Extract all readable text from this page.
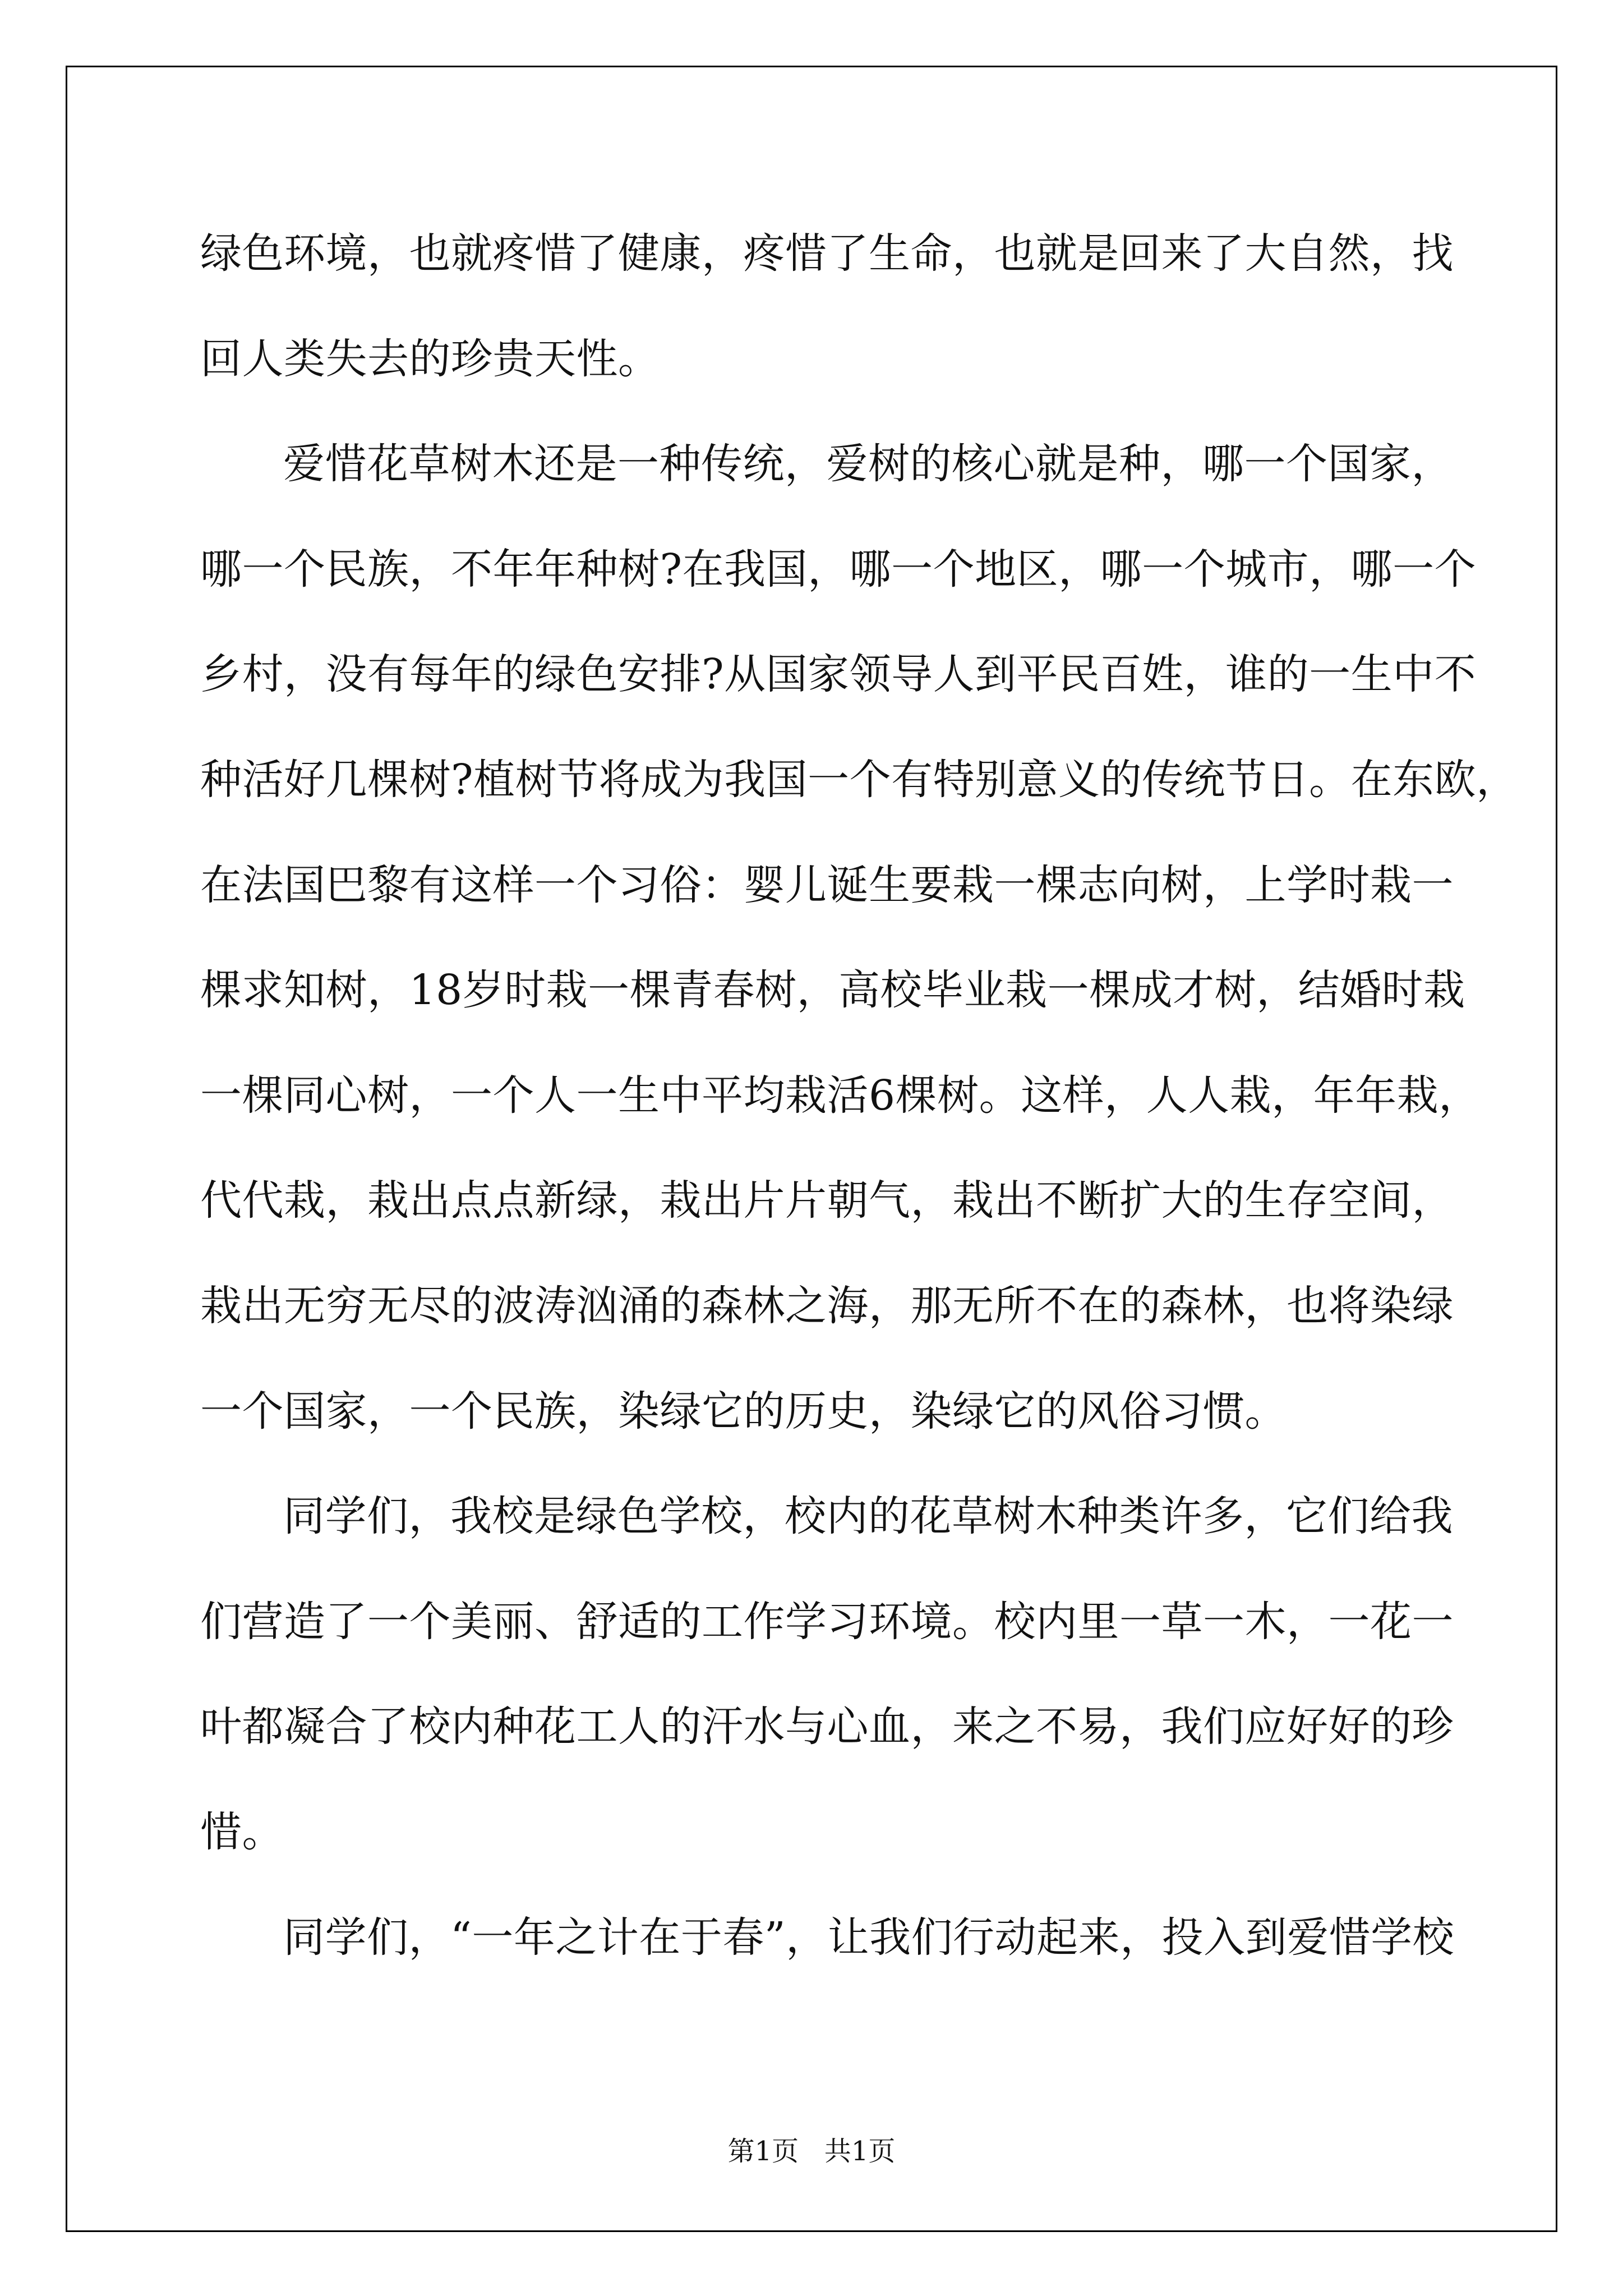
绿色环境，也就疼惜了健康，疼惜了生命，也就是回来了大自然，找
回人类失去的珍贵天性。
爱惜花草树木还是一种传统，爱树的核心就是种，哪一个国家，
哪一个民族，不年年种树?在我国，哪一个地区，哪一个城市，哪一个
乡村，没有每年的绿色安排?从国家领导人到平民百姓，谁的一生中不
种活好几棵树?植树节将成为我国一个有特别意义的传统节日。在东欧，
在法国巴黎有这样一个习俗：婴儿诞生要栽一棵志向树，上学时栽一
棵求知树，18岁时栽一棵青春树，高校毕业栽一棵成才树，结婚时栽
一棵同心树，一个人一生中平均栽活6棵树。这样，人人栽，年年栽，
代代栽，栽出点点新绿，栽出片片朝气，栽出不断扩大的生存空间，
栽出无穷无尽的波涛汹涌的森林之海，那无所不在的森林，也将染绿
一个国家，一个民族，染绿它的历史，染绿它的风俗习惯。
同学们，我校是绿色学校，校内的花草树木种类许多，它们给我
们营造了一个美丽、舒适的工作学习环境。校内里一草一木，一花一
叶都凝合了校内种花工人的汗水与心血，来之不易，我们应好好的珍
惜。
同学们，“一年之计在于春”，让我们行动起来，投入到爱惜学校
第1页   共1页
